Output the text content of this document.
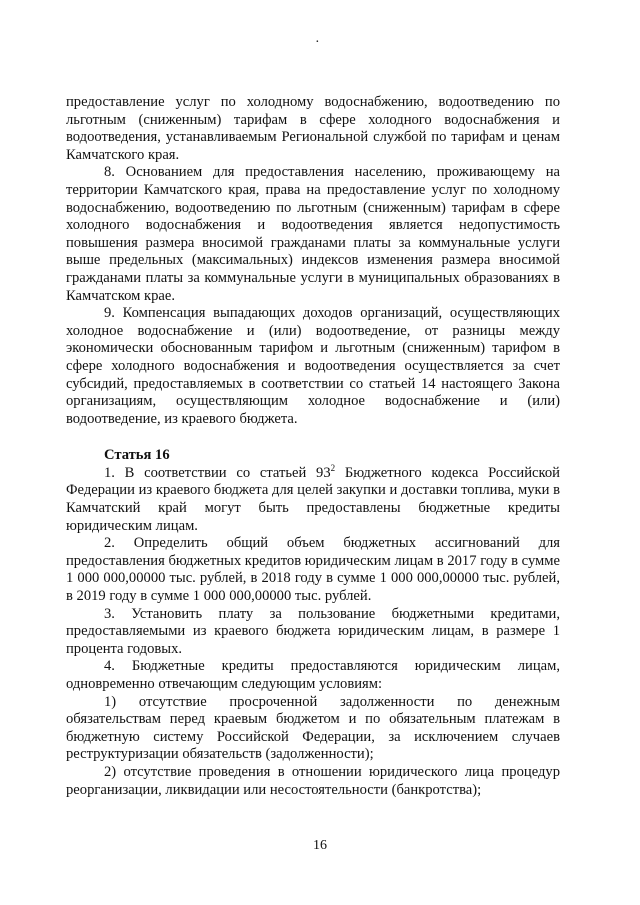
·

предоставление услуг по холодному водоснабжению, водоотведению по льготным (сниженным) тарифам в сфере холодного водоснабжения и водоотведения, устанавливаемым Региональной службой по тарифам и ценам Камчатского края.

8. Основанием для предоставления населению, проживающему на территории Камчатского края, права на предоставление услуг по холодному водоснабжению, водоотведению по льготным (сниженным) тарифам в сфере холодного водоснабжения и водоотведения является недопустимость повышения размера вносимой гражданами платы за коммунальные услуги выше предельных (максимальных) индексов изменения размера вносимой гражданами платы за коммунальные услуги в муниципальных образованиях в Камчатском крае.

9. Компенсация выпадающих доходов организаций, осуществляющих холодное водоснабжение и (или) водоотведение, от разницы между экономически обоснованным тарифом и льготным (сниженным) тарифом в сфере холодного водоснабжения и водоотведения осуществляется за счет субсидий, предоставляемых в соответствии со статьей 14 настоящего Закона организациям, осуществляющим холодное водоснабжение и (или) водоотведение, из краевого бюджета.

Статья 16

1. В соответствии со статьей $93^2$ Бюджетного кодекса Российской Федерации из краевого бюджета для целей закупки и доставки топлива, муки в Камчатский край могут быть предоставлены бюджетные кредиты юридическим лицам.

2. Определить общий объем бюджетных ассигнований для предоставления бюджетных кредитов юридическим лицам в 2017 году в сумме 1 000 000,00000 тыс. рублей, в 2018 году в сумме 1 000 000,00000 тыс. рублей, в 2019 году в сумме 1 000 000,00000 тыс. рублей.

3. Установить плату за пользование бюджетными кредитами, предоставляемыми из краевого бюджета юридическим лицам, в размере 1 процента годовых.

4. Бюджетные кредиты предоставляются юридическим лицам, одновременно отвечающим следующим условиям:

1) отсутствие просроченной задолженности по денежным обязательствам перед краевым бюджетом и по обязательным платежам в бюджетную систему Российской Федерации, за исключением случаев реструктуризации обязательств (задолженности);

2) отсутствие проведения в отношении юридического лица процедур реорганизации, ликвидации или несостоятельности (банкротства);

16
